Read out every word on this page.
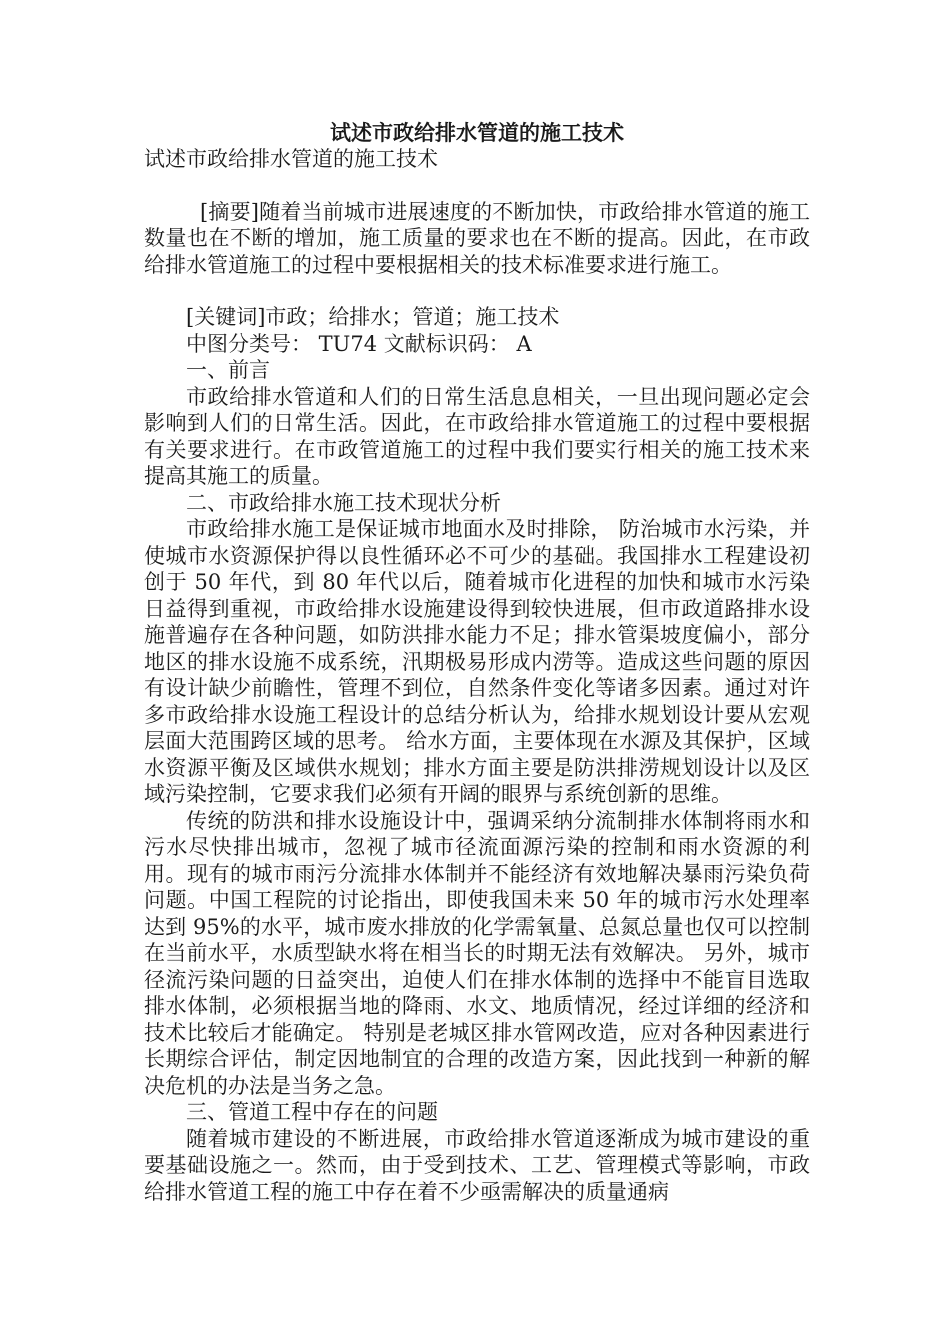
试述市政给排水管道的施工技术
试述市政给排水管道的施工技术

[摘要]随着当前城市进展速度的不断加快，市政给排水管道的施工数量也在不断的增加，施工质量的要求也在不断的提高。因此，在市政给排水管道施工的过程中要根据相关的技术标准要求进行施工。

[关键词]市政；给排水；管道；施工技术

中图分类号： TU74 文献标识码： A

一、前言

市政给排水管道和人们的日常生活息息相关，一旦出现问题必定会影响到人们的日常生活。因此，在市政给排水管道施工的过程中要根据有关要求进行。在市政管道施工的过程中我们要实行相关的施工技术来提高其施工的质量。

二、市政给排水施工技术现状分析

市政给排水施工是保证城市地面水及时排除， 防治城市水污染，并使城市水资源保护得以良性循环必不可少的基础。我国排水工程建设初创于 50 年代，到 80 年代以后，随着城市化进程的加快和城市水污染日益得到重视，市政给排水设施建设得到较快进展，但市政道路排水设施普遍存在各种问题，如防洪排水能力不足；排水管渠坡度偏小，部分地区的排水设施不成系统，汛期极易形成内涝等。造成这些问题的原因有设计缺少前瞻性，管理不到位，自然条件变化等诸多因素。通过对许多市政给排水设施工程设计的总结分析认为，给排水规划设计要从宏观层面大范围跨区域的思考。 给水方面，主要体现在水源及其保护，区域水资源平衡及区域供水规划；排水方面主要是防洪排涝规划设计以及区域污染控制，它要求我们必须有开阔的眼界与系统创新的思维。

传统的防洪和排水设施设计中，强调采纳分流制排水体制将雨水和污水尽快排出城市，忽视了城市径流面源污染的控制和雨水资源的利用。现有的城市雨污分流排水体制并不能经济有效地解决暴雨污染负荷问题。中国工程院的讨论指出，即使我国未来 50 年的城市污水处理率达到 95%的水平，城市废水排放的化学需氧量、总氮总量也仅可以控制在当前水平，水质型缺水将在相当长的时期无法有效解决。 另外，城市径流污染问题的日益突出，迫使人们在排水体制的选择中不能盲目选取排水体制，必须根据当地的降雨、水文、地质情况，经过详细的经济和技术比较后才能确定。 特别是老城区排水管网改造，应对各种因素进行长期综合评估，制定因地制宜的合理的改造方案，因此找到一种新的解决危机的办法是当务之急。

三、管道工程中存在的问题

随着城市建设的不断进展，市政给排水管道逐渐成为城市建设的重要基础设施之一。然而，由于受到技术、工艺、管理模式等影响，市政给排水管道工程的施工中存在着不少亟需解决的质量通病
